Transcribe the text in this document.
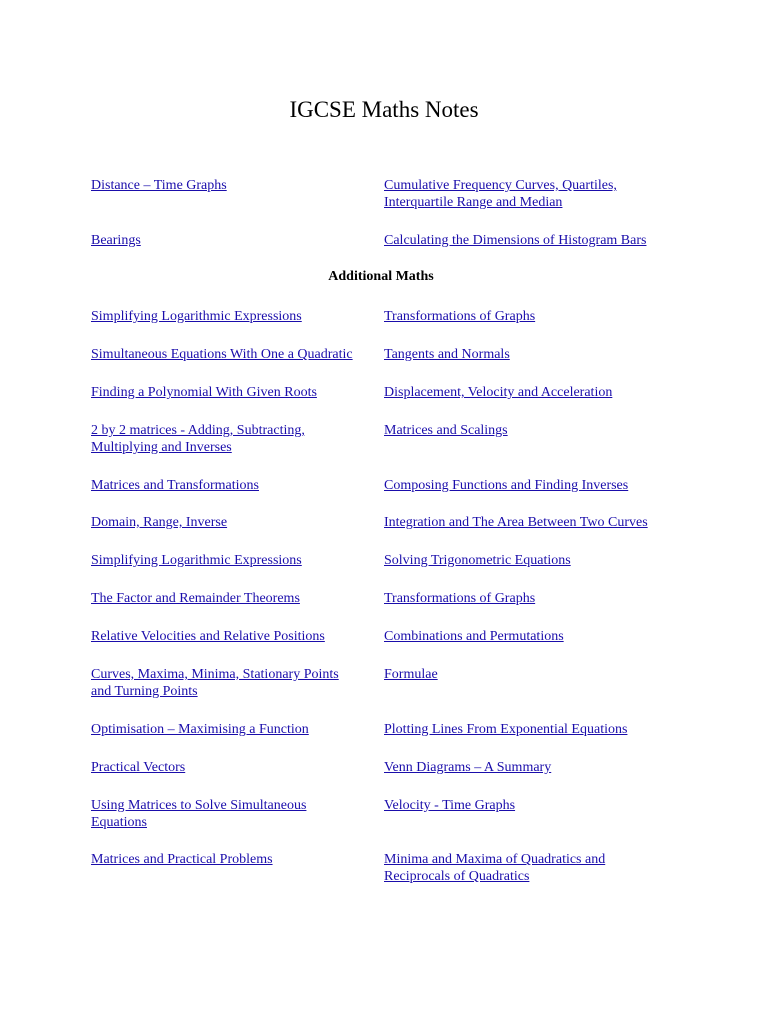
IGCSE Maths Notes
Distance – Time Graphs	Cumulative Frequency Curves, Quartiles,
Interquartile Range and Median
Bearings	Calculating the Dimensions of Histogram Bars
Additional Maths
Simplifying Logarithmic Expressions
Simultaneous Equations With One a Quadratic
Finding a Polynomial With Given Roots
2 by 2 matrices - Adding, Subtracting,
Multiplying and Inverses
Matrices and Transformations
Domain, Range, Inverse
Simplifying Logarithmic Expressions
The Factor and Remainder Theorems
Relative Velocities and Relative Positions
Curves, Maxima, Minima, Stationary Points
and Turning Points
Optimisation – Maximising a Function
Practical Vectors
Using Matrices to Solve Simultaneous
Equations
Matrices and Practical Problems
Transformations of Graphs
Tangents and Normals
Displacement, Velocity and Acceleration
Matrices and Scalings
Composing Functions and Finding Inverses
Integration and The Area Between Two Curves
Solving Trigonometric Equations
Transformations of Graphs
Combinations and Permutations
Formulae
Plotting Lines From Exponential Equations
Venn Diagrams – A Summary
Velocity - Time Graphs
Minima and Maxima of Quadratics and
Reciprocals of Quadratics
